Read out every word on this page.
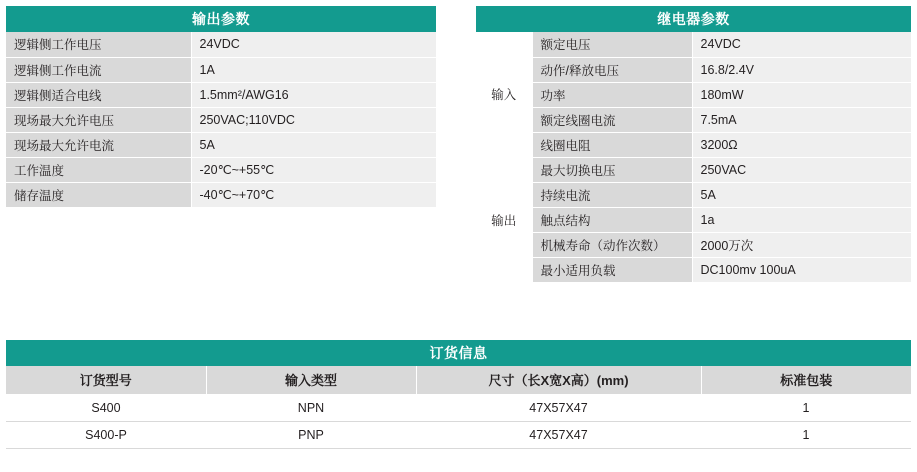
输出参数
逻辑侧工作电压	24VDC
逻辑侧工作电流	1A
逻辑侧适合电线	1.5mm²/AWG16
现场最大允许电压	250VAC;110VDC
现场最大允许电流	5A
工作温度	-20℃~+55℃
储存温度	-40℃~+70℃
继电器参数
输入	额定电压	24VDC
	动作/释放电压	16.8/2.4V
	功率	180mW
	额定线圈电流	7.5mA
	线圈电阻	3200Ω
输出	最大切换电压	250VAC
	持续电流	5A
	触点结构	1a
	机械寿命（动作次数）	2000万次
	最小适用负载	DC100mv 100uA
订货信息
订货型号	输入类型	尺寸（长X宽X高）(mm)	标准包装
S400	NPN	47X57X47	1
S400-P	PNP	47X57X47	1
